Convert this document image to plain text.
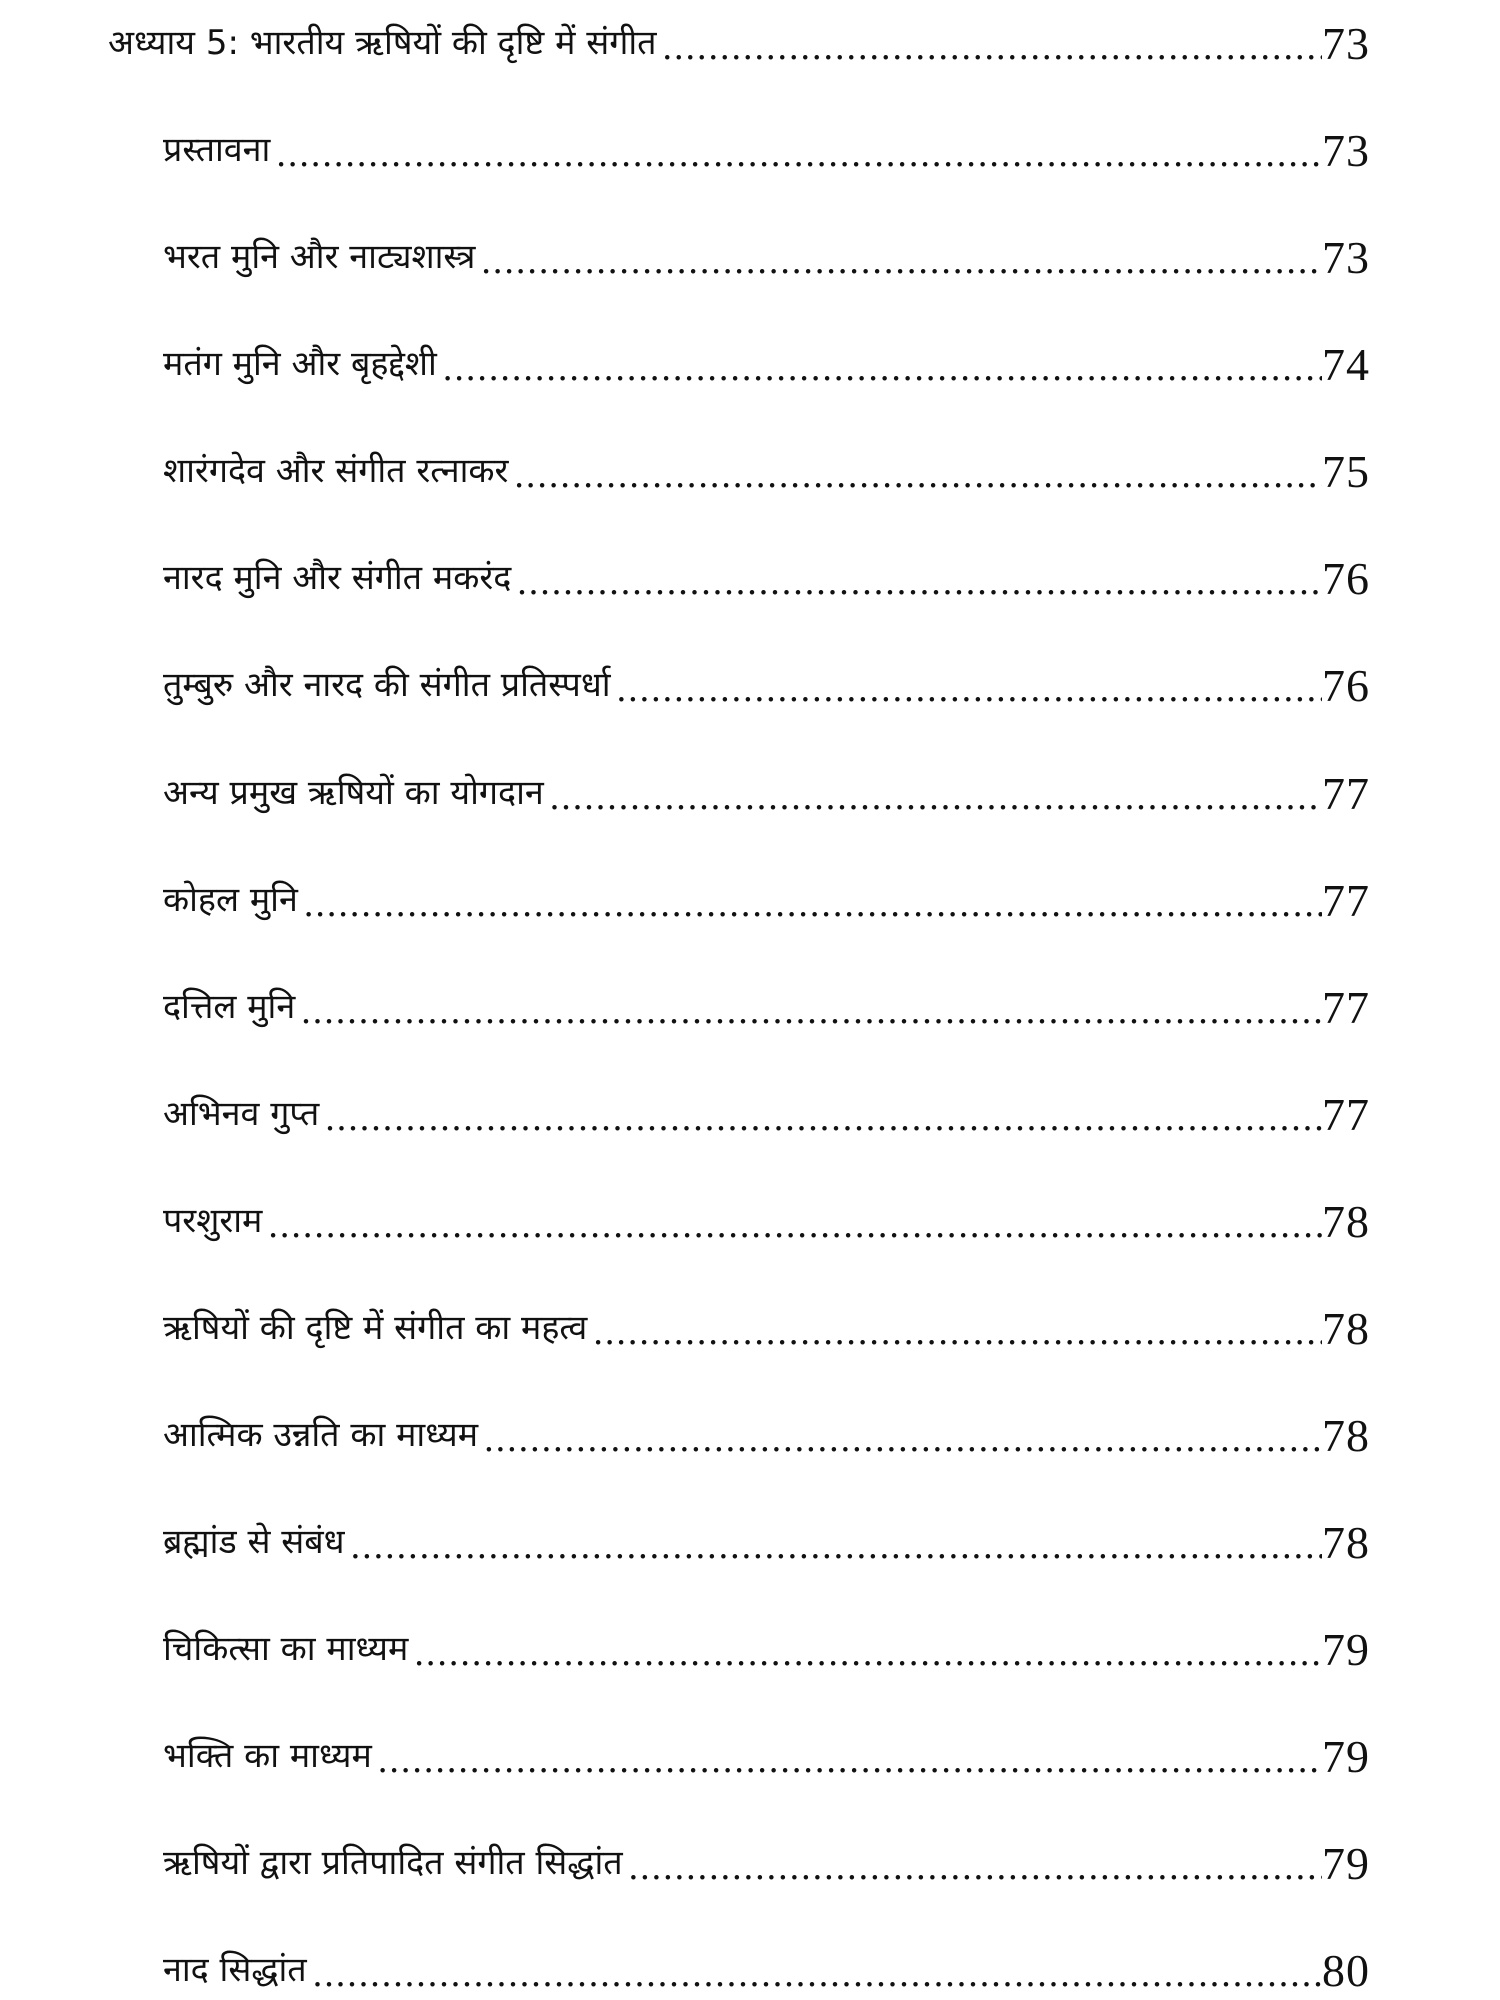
अध्याय 5: भारतीय ऋषियों की दृष्टि में संगीत .....	73
प्रस्तावना .....	73
भरत मुनि और नाट्यशास्त्र .....	73
मतंग मुनि और बृहद्देशी .....	74
शारंगदेव और संगीत रत्नाकर .....	75
नारद मुनि और संगीत मकरंद .....	76
तुम्बुरु और नारद की संगीत प्रतिस्पर्धा .....	76
अन्य प्रमुख ऋषियों का योगदान .....	77
कोहल मुनि .....	77
दत्तिल मुनि .....	77
अभिनव गुप्त .....	77
परशुराम .....	78
ऋषियों की दृष्टि में संगीत का महत्व .....	78
आत्मिक उन्नति का माध्यम .....	78
ब्रह्मांड से संबंध .....	78
चिकित्सा का माध्यम .....	79
भक्ति का माध्यम .....	79
ऋषियों द्वारा प्रतिपादित संगीत सिद्धांत .....	79
नाद सिद्धांत .....	80
